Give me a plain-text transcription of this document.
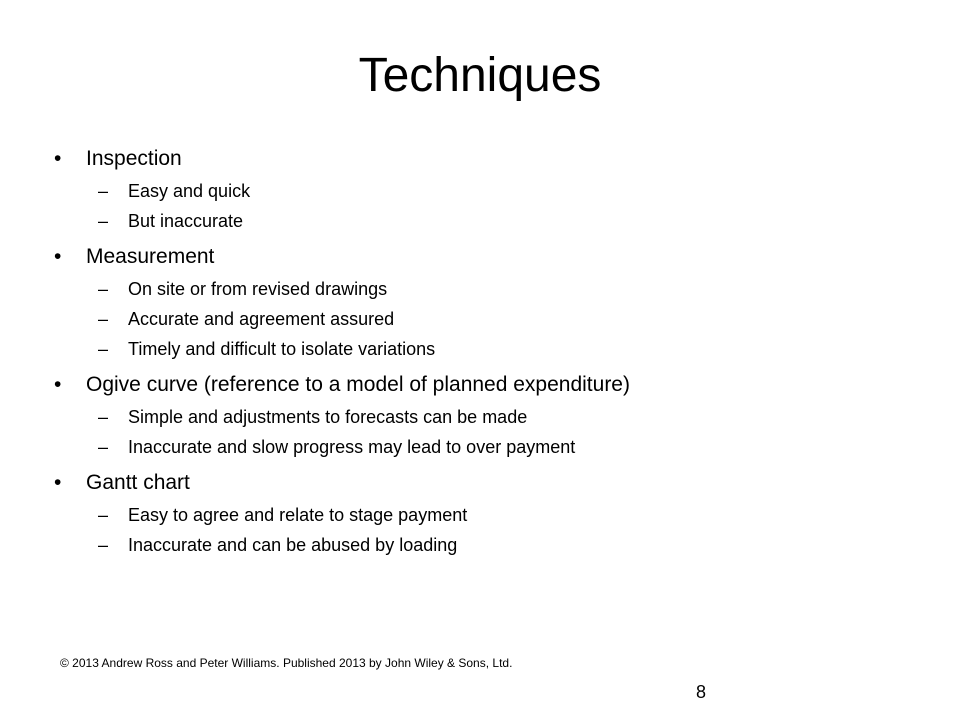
Techniques
• Inspection
– Easy and quick
– But inaccurate
• Measurement
– On site or from revised drawings
– Accurate and agreement assured
– Timely and difficult to isolate variations
• Ogive curve (reference to a model of planned expenditure)
– Simple and adjustments to forecasts can be made
– Inaccurate and slow progress may lead to over payment
• Gantt chart
– Easy to agree and relate to stage payment
– Inaccurate and can be abused by loading
© 2013 Andrew Ross and Peter Williams. Published 2013 by John Wiley & Sons, Ltd.
8
